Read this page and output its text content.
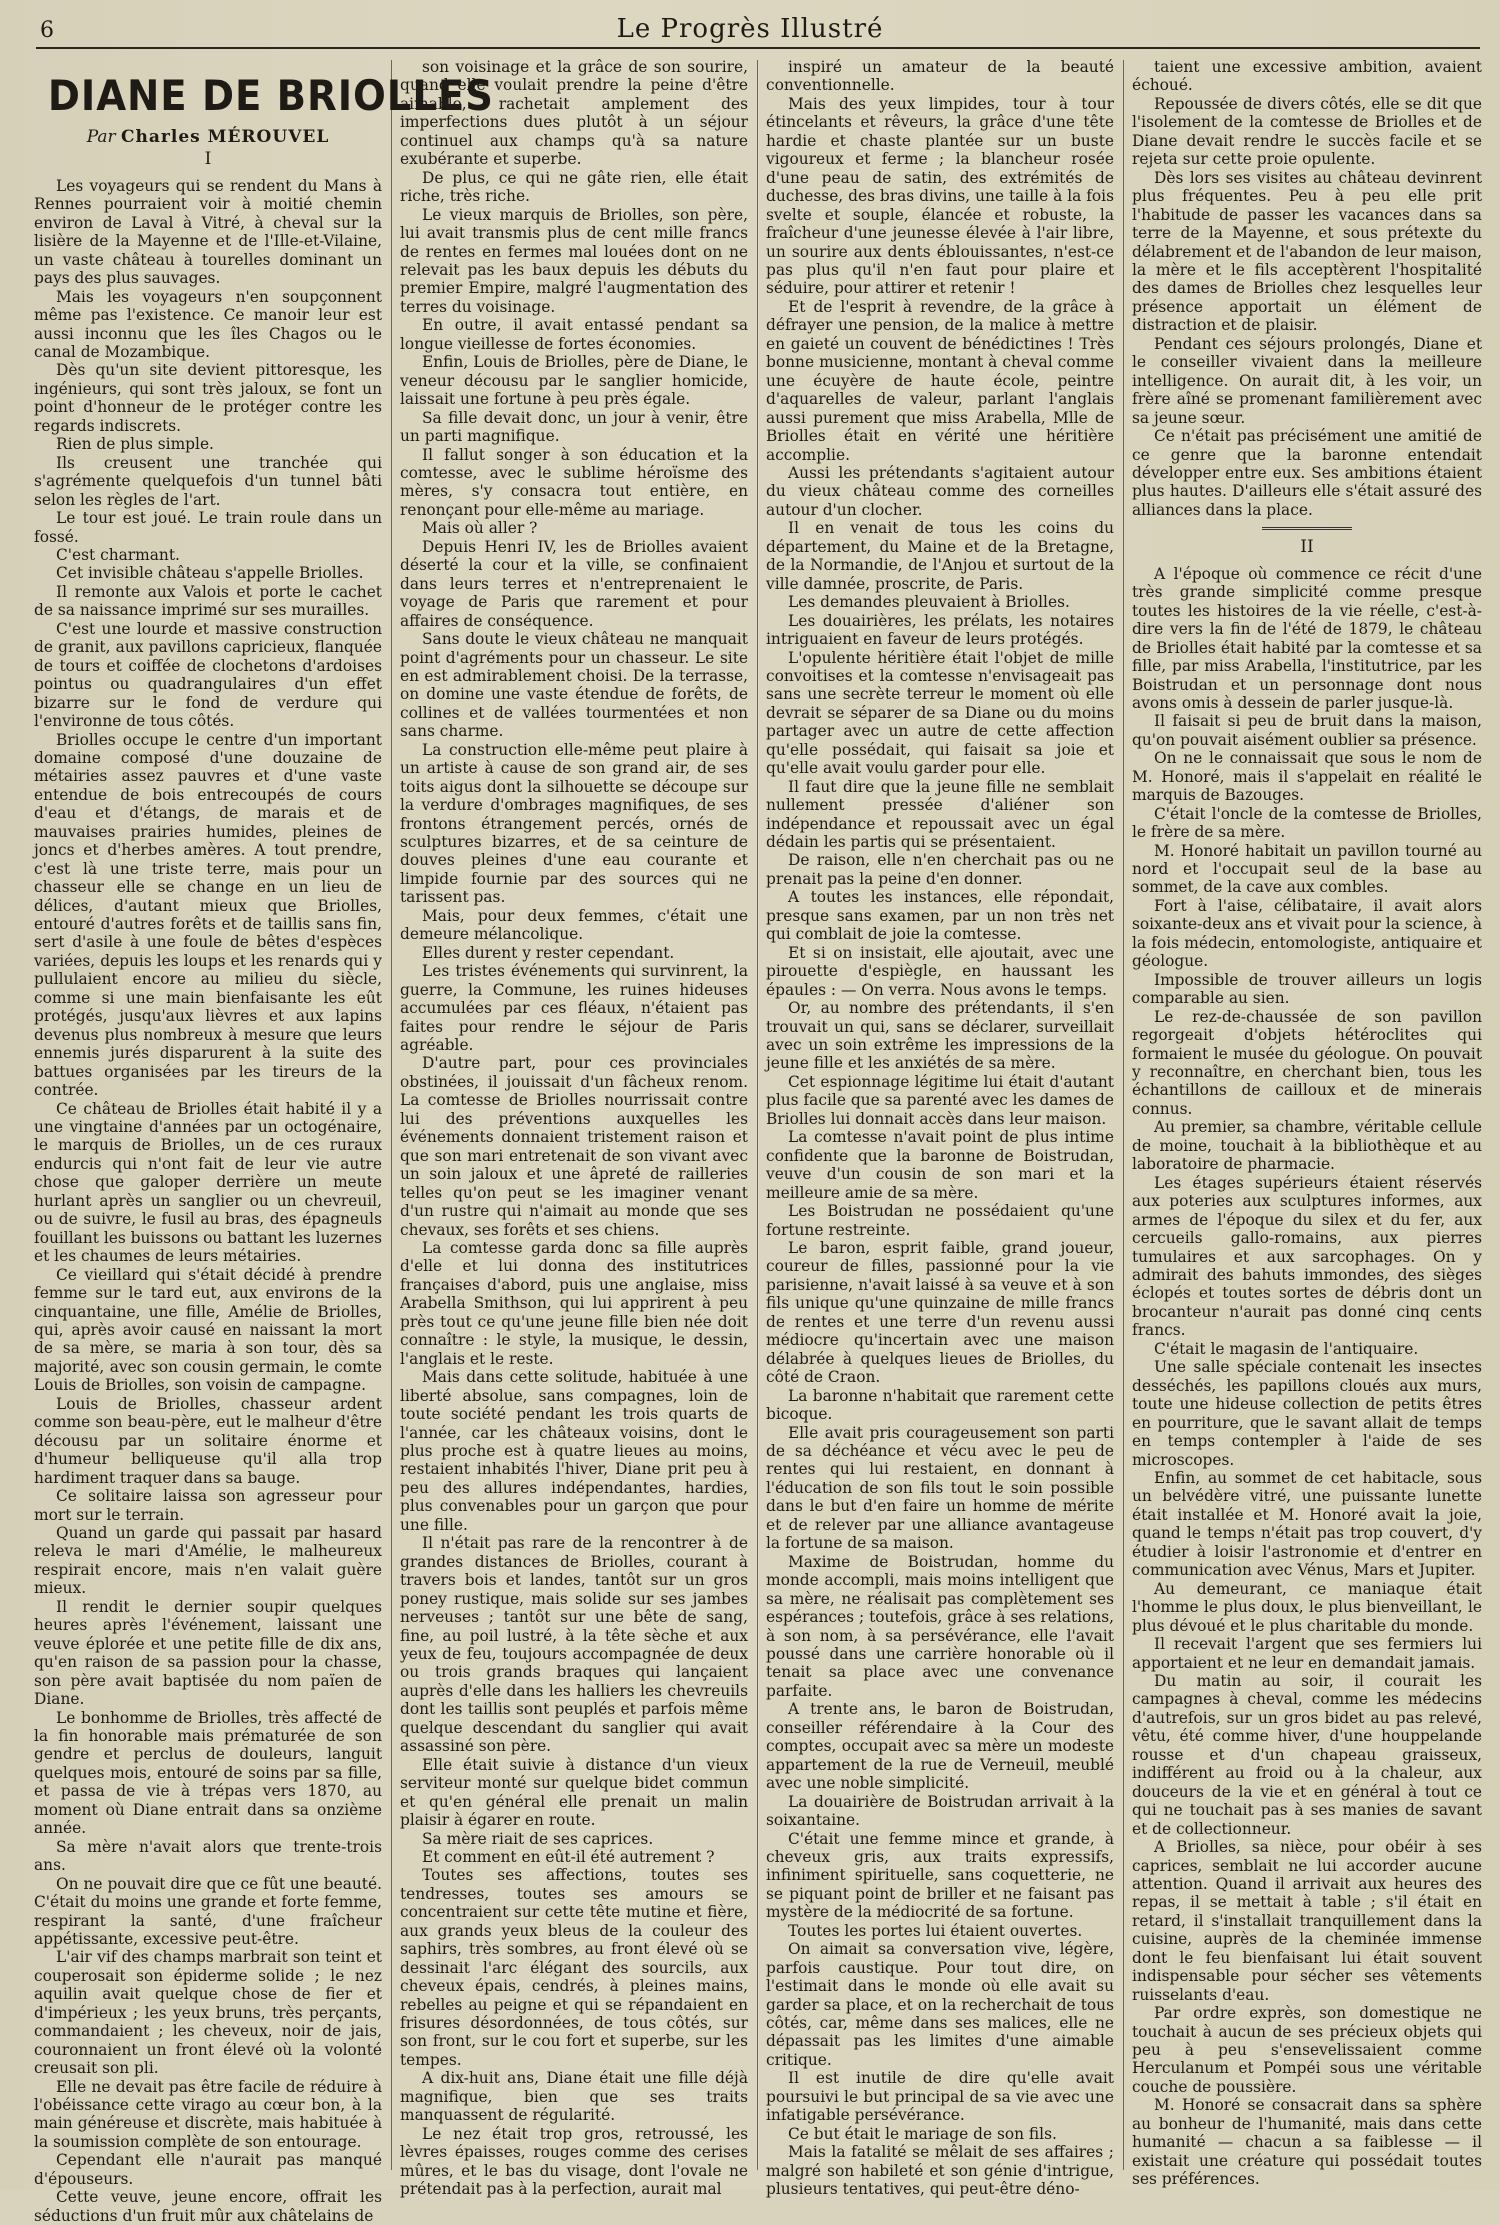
6	Le Progrès Illustré
DIANE DE BRIOLLES
Par Charles MÉROUVEL
I

Les voyageurs qui se rendent du Mans à Rennes pourraient voir à moitié chemin environ de Laval à Vitré, à cheval sur la lisière de la Mayenne et de l'Ille-et-Vilaine, un vaste château à tourelles dominant un pays des plus sauvages.

Mais les voyageurs n'en soupçonnent même pas l'existence. Ce manoir leur est aussi inconnu que les îles Chagos ou le canal de Mozambique.

Dès qu'un site devient pittoresque, les ingénieurs, qui sont très jaloux, se font un point d'honneur de le protéger contre les regards indiscrets.

Rien de plus simple.

Ils creusent une tranchée qui s'agrémente quelquefois d'un tunnel bâti selon les règles de l'art.

Le tour est joué. Le train roule dans un fossé.

C'est charmant.

Cet invisible château s'appelle Briolles.

Il remonte aux Valois et porte le cachet de sa naissance imprimé sur ses murailles.

C'est une lourde et massive construction de granit, aux pavillons capricieux, flanquée de tours et coiffée de clochetons d'ardoises pointus ou quadrangulaires d'un effet bizarre sur le fond de verdure qui l'environne de tous côtés.

Briolles occupe le centre d'un important domaine composé d'une douzaine de métairies assez pauvres et d'une vaste entendue de bois entrecoupés de cours d'eau et d'étangs, de marais et de mauvaises prairies humides, pleines de joncs et d'herbes amères. A tout prendre, c'est là une triste terre, mais pour un chasseur elle se change en un lieu de délices, d'autant mieux que Briolles, entouré d'autres forêts et de taillis sans fin, sert d'asile à une foule de bêtes d'espèces variées, depuis les loups et les renards qui y pullulaient encore au milieu du siècle, comme si une main bienfaisante les eût protégés, jusqu'aux lièvres et aux lapins devenus plus nombreux à mesure que leurs ennemis jurés disparurent à la suite des battues organisées par les tireurs de la contrée.

Ce château de Briolles était habité il y a une vingtaine d'années par un octogénaire, le marquis de Briolles, un de ces ruraux endurcis qui n'ont fait de leur vie autre chose que galoper derrière un meute hurlant après un sanglier ou un chevreuil, ou de suivre, le fusil au bras, des épagneuls fouillant les buissons ou battant les luzernes et les chaumes de leurs métairies.

Ce vieillard qui s'était décidé à prendre femme sur le tard eut, aux environs de la cinquantaine, une fille, Amélie de Briolles, qui, après avoir causé en naissant la mort de sa mère, se maria à son tour, dès sa majorité, avec son cousin germain, le comte Louis de Briolles, son voisin de campagne.

Louis de Briolles, chasseur ardent comme son beau-père, eut le malheur d'être décousu par un solitaire énorme et d'humeur belliqueuse qu'il alla trop hardiment traquer dans sa bauge.

Ce solitaire laissa son agresseur pour mort sur le terrain.

Quand un garde qui passait par hasard releva le mari d'Amélie, le malheureux respirait encore, mais n'en valait guère mieux.

Il rendit le dernier soupir quelques heures après l'événement, laissant une veuve éplorée et une petite fille de dix ans, qu'en raison de sa passion pour la chasse, son père avait baptisée du nom païen de Diane.

Le bonhomme de Briolles, très affecté de la fin honorable mais prématurée de son gendre et perclus de douleurs, languit quelques mois, entouré de soins par sa fille, et passa de vie à trépas vers 1870, au moment où Diane entrait dans sa onzième année.

Sa mère n'avait alors que trente-trois ans.

On ne pouvait dire que ce fût une beauté. C'était du moins une grande et forte femme, respirant la santé, d'une fraîcheur appétissante, excessive peut-être.

L'air vif des champs marbrait son teint et couperosait son épiderme solide ; le nez aquilin avait quelque chose de fier et d'impérieux ; les yeux bruns, très perçants, commandaient ; les cheveux, noir de jais, couronnaient un front élevé où la volonté creusait son pli.

Elle ne devait pas être facile de réduire à l'obéissance cette virago au cœur bon, à la main généreuse et discrète, mais habituée à la soumission complète de son entourage.

Cependant elle n'aurait pas manqué d'épouseurs.

Cette veuve, jeune encore, offrait les séductions d'un fruit mûr aux châtelains de

son voisinage et la grâce de son sourire, quand elle voulait prendre la peine d'être aimable, rachetait amplement des imperfections dues plutôt à un séjour continuel aux champs qu'à sa nature exubérante et superbe.

De plus, ce qui ne gâte rien, elle était riche, très riche.

Le vieux marquis de Briolles, son père, lui avait transmis plus de cent mille francs de rentes en fermes mal louées dont on ne relevait pas les baux depuis les débuts du premier Empire, malgré l'augmentation des terres du voisinage.

En outre, il avait entassé pendant sa longue vieillesse de fortes économies.

Enfin, Louis de Briolles, père de Diane, le veneur décousu par le sanglier homicide, laissait une fortune à peu près égale.

Sa fille devait donc, un jour à venir, être un parti magnifique.

Il fallut songer à son éducation et la comtesse, avec le sublime héroïsme des mères, s'y consacra tout entière, en renonçant pour elle-même au mariage.

Mais où aller ?

Depuis Henri IV, les de Briolles avaient déserté la cour et la ville, se confinaient dans leurs terres et n'entreprenaient le voyage de Paris que rarement et pour affaires de conséquence.

Sans doute le vieux château ne manquait point d'agréments pour un chasseur. Le site en est admirablement choisi. De la terrasse, on domine une vaste étendue de forêts, de collines et de vallées tourmentées et non sans charme.

La construction elle-même peut plaire à un artiste à cause de son grand air, de ses toits aigus dont la silhouette se découpe sur la verdure d'ombrages magnifiques, de ses frontons étrangement percés, ornés de sculptures bizarres, et de sa ceinture de douves pleines d'une eau courante et limpide fournie par des sources qui ne tarissent pas.

Mais, pour deux femmes, c'était une demeure mélancolique.

Elles durent y rester cependant.

Les tristes événements qui survinrent, la guerre, la Commune, les ruines hideuses accumulées par ces fléaux, n'étaient pas faites pour rendre le séjour de Paris agréable.

D'autre part, pour ces provinciales obstinées, il jouissait d'un fâcheux renom. La comtesse de Briolles nourrissait contre lui des préventions auxquelles les événements donnaient tristement raison et que son mari entretenait de son vivant avec un soin jaloux et une âpreté de railleries telles qu'on peut se les imaginer venant d'un rustre qui n'aimait au monde que ses chevaux, ses forêts et ses chiens.

La comtesse garda donc sa fille auprès d'elle et lui donna des institutrices françaises d'abord, puis une anglaise, miss Arabella Smithson, qui lui apprirent à peu près tout ce qu'une jeune fille bien née doit connaître : le style, la musique, le dessin, l'anglais et le reste.

Mais dans cette solitude, habituée à une liberté absolue, sans compagnes, loin de toute société pendant les trois quarts de l'année, car les châteaux voisins, dont le plus proche est à quatre lieues au moins, restaient inhabités l'hiver, Diane prit peu à peu des allures indépendantes, hardies, plus convenables pour un garçon que pour une fille.

Il n'était pas rare de la rencontrer à de grandes distances de Briolles, courant à travers bois et landes, tantôt sur un gros poney rustique, mais solide sur ses jambes nerveuses ; tantôt sur une bête de sang, fine, au poil lustré, à la tête sèche et aux yeux de feu, toujours accompagnée de deux ou trois grands braques qui lançaient auprès d'elle dans les halliers les chevreuils dont les taillis sont peuplés et parfois même quelque descendant du sanglier qui avait assassiné son père.

Elle était suivie à distance d'un vieux serviteur monté sur quelque bidet commun et qu'en général elle prenait un malin plaisir à égarer en route.

Sa mère riait de ses caprices.

Et comment en eût-il été autrement ?

Toutes ses affections, toutes ses tendresses, toutes ses amours se concentraient sur cette tête mutine et fière, aux grands yeux bleus de la couleur des saphirs, très sombres, au front élevé où se dessinait l'arc élégant des sourcils, aux cheveux épais, cendrés, à pleines mains, rebelles au peigne et qui se répandaient en frisures désordonnées, de tous côtés, sur son front, sur le cou fort et superbe, sur les tempes.

A dix-huit ans, Diane était une fille déjà magnifique, bien que ses traits manquassent de régularité.

Le nez était trop gros, retroussé, les lèvres épaisses, rouges comme des cerises mûres, et le bas du visage, dont l'ovale ne prétendait pas à la perfection, aurait mal

inspiré un amateur de la beauté conventionnelle.

Mais des yeux limpides, tour à tour étincelants et rêveurs, la grâce d'une tête hardie et chaste plantée sur un buste vigoureux et ferme ; la blancheur rosée d'une peau de satin, des extrémités de duchesse, des bras divins, une taille à la fois svelte et souple, élancée et robuste, la fraîcheur d'une jeunesse élevée à l'air libre, un sourire aux dents éblouissantes, n'est-ce pas plus qu'il n'en faut pour plaire et séduire, pour attirer et retenir !

Et de l'esprit à revendre, de la grâce à défrayer une pension, de la malice à mettre en gaieté un couvent de bénédictines ! Très bonne musicienne, montant à cheval comme une écuyère de haute école, peintre d'aquarelles de valeur, parlant l'anglais aussi purement que miss Arabella, Mlle de Briolles était en vérité une héritière accomplie.

Aussi les prétendants s'agitaient autour du vieux château comme des corneilles autour d'un clocher.

Il en venait de tous les coins du département, du Maine et de la Bretagne, de la Normandie, de l'Anjou et surtout de la ville damnée, proscrite, de Paris.

Les demandes pleuvaient à Briolles.

Les douairières, les prélats, les notaires intriguaient en faveur de leurs protégés.

L'opulente héritière était l'objet de mille convoitises et la comtesse n'envisageait pas sans une secrète terreur le moment où elle devrait se séparer de sa Diane ou du moins partager avec un autre de cette affection qu'elle possédait, qui faisait sa joie et qu'elle avait voulu garder pour elle.

Il faut dire que la jeune fille ne semblait nullement pressée d'aliéner son indépendance et repoussait avec un égal dédain les partis qui se présentaient.

De raison, elle n'en cherchait pas ou ne prenait pas la peine d'en donner.

A toutes les instances, elle répondait, presque sans examen, par un non très net qui comblait de joie la comtesse.

Et si on insistait, elle ajoutait, avec une pirouette d'espiègle, en haussant les épaules : — On verra. Nous avons le temps.

Or, au nombre des prétendants, il s'en trouvait un qui, sans se déclarer, surveillait avec un soin extrême les impressions de la jeune fille et les anxiétés de sa mère.

Cet espionnage légitime lui était d'autant plus facile que sa parenté avec les dames de Briolles lui donnait accès dans leur maison.

La comtesse n'avait point de plus intime confidente que la baronne de Boistrudan, veuve d'un cousin de son mari et la meilleure amie de sa mère.

Les Boistrudan ne possédaient qu'une fortune restreinte.

Le baron, esprit faible, grand joueur, coureur de filles, passionné pour la vie parisienne, n'avait laissé à sa veuve et à son fils unique qu'une quinzaine de mille francs de rentes et une terre d'un revenu aussi médiocre qu'incertain avec une maison délabrée à quelques lieues de Briolles, du côté de Craon.

La baronne n'habitait que rarement cette bicoque.

Elle avait pris courageusement son parti de sa déchéance et vécu avec le peu de rentes qui lui restaient, en donnant à l'éducation de son fils tout le soin possible dans le but d'en faire un homme de mérite et de relever par une alliance avantageuse la fortune de sa maison.

Maxime de Boistrudan, homme du monde accompli, mais moins intelligent que sa mère, ne réalisait pas complètement ses espérances ; toutefois, grâce à ses relations, à son nom, à sa persévérance, elle l'avait poussé dans une carrière honorable où il tenait sa place avec une convenance parfaite.

A trente ans, le baron de Boistrudan, conseiller référendaire à la Cour des comptes, occupait avec sa mère un modeste appartement de la rue de Verneuil, meublé avec une noble simplicité.

La douairière de Boistrudan arrivait à la soixantaine.

C'était une femme mince et grande, à cheveux gris, aux traits expressifs, infiniment spirituelle, sans coquetterie, ne se piquant point de briller et ne faisant pas mystère de la médiocrité de sa fortune.

Toutes les portes lui étaient ouvertes.

On aimait sa conversation vive, légère, parfois caustique. Pour tout dire, on l'estimait dans le monde où elle avait su garder sa place, et on la recherchait de tous côtés, car, même dans ses malices, elle ne dépassait pas les limites d'une aimable critique.

Il est inutile de dire qu'elle avait poursuivi le but principal de sa vie avec une infatigable persévérance.

Ce but était le mariage de son fils.

Mais la fatalité se mêlait de ses affaires ; malgré son habileté et son génie d'intrigue, plusieurs tentatives, qui peut-être déno-

taient une excessive ambition, avaient échoué.

Repoussée de divers côtés, elle se dit que l'isolement de la comtesse de Briolles et de Diane devait rendre le succès facile et se rejeta sur cette proie opulente.

Dès lors ses visites au château devinrent plus fréquentes. Peu à peu elle prit l'habitude de passer les vacances dans sa terre de la Mayenne, et sous prétexte du délabrement et de l'abandon de leur maison, la mère et le fils acceptèrent l'hospitalité des dames de Briolles chez lesquelles leur présence apportait un élément de distraction et de plaisir.

Pendant ces séjours prolongés, Diane et le conseiller vivaient dans la meilleure intelligence. On aurait dit, à les voir, un frère aîné se promenant familièrement avec sa jeune sœur.

Ce n'était pas précisément une amitié de ce genre que la baronne entendait développer entre eux. Ses ambitions étaient plus hautes. D'ailleurs elle s'était assuré des alliances dans la place.

II

A l'époque où commence ce récit d'une très grande simplicité comme presque toutes les histoires de la vie réelle, c'est-à-dire vers la fin de l'été de 1879, le château de Briolles était habité par la comtesse et sa fille, par miss Arabella, l'institutrice, par les Boistrudan et un personnage dont nous avons omis à dessein de parler jusque-là.

Il faisait si peu de bruit dans la maison, qu'on pouvait aisément oublier sa présence.

On ne le connaissait que sous le nom de M. Honoré, mais il s'appelait en réalité le marquis de Bazouges.

C'était l'oncle de la comtesse de Briolles, le frère de sa mère.

M. Honoré habitait un pavillon tourné au nord et l'occupait seul de la base au sommet, de la cave aux combles.

Fort à l'aise, célibataire, il avait alors soixante-deux ans et vivait pour la science, à la fois médecin, entomologiste, antiquaire et géologue.

Impossible de trouver ailleurs un logis comparable au sien.

Le rez-de-chaussée de son pavillon regorgeait d'objets hétéroclites qui formaient le musée du géologue. On pouvait y reconnaître, en cherchant bien, tous les échantillons de cailloux et de minerais connus.

Au premier, sa chambre, véritable cellule de moine, touchait à la bibliothèque et au laboratoire de pharmacie.

Les étages supérieurs étaient réservés aux poteries aux sculptures informes, aux armes de l'époque du silex et du fer, aux cercueils gallo-romains, aux pierres tumulaires et aux sarcophages. On y admirait des bahuts immondes, des sièges éclopés et toutes sortes de débris dont un brocanteur n'aurait pas donné cinq cents francs.

C'était le magasin de l'antiquaire.

Une salle spéciale contenait les insectes desséchés, les papillons cloués aux murs, toute une hideuse collection de petits êtres en pourriture, que le savant allait de temps en temps contempler à l'aide de ses microscopes.

Enfin, au sommet de cet habitacle, sous un belvédère vitré, une puissante lunette était installée et M. Honoré avait la joie, quand le temps n'était pas trop couvert, d'y étudier à loisir l'astronomie et d'entrer en communication avec Vénus, Mars et Jupiter.

Au demeurant, ce maniaque était l'homme le plus doux, le plus bienveillant, le plus dévoué et le plus charitable du monde.

Il recevait l'argent que ses fermiers lui apportaient et ne leur en demandait jamais.

Du matin au soir, il courait les campagnes à cheval, comme les médecins d'autrefois, sur un gros bidet au pas relevé, vêtu, été comme hiver, d'une houppelande rousse et d'un chapeau graisseux, indifférent au froid ou à la chaleur, aux douceurs de la vie et en général à tout ce qui ne touchait pas à ses manies de savant et de collectionneur.

A Briolles, sa nièce, pour obéir à ses caprices, semblait ne lui accorder aucune attention. Quand il arrivait aux heures des repas, il se mettait à table ; s'il était en retard, il s'installait tranquillement dans la cuisine, auprès de la cheminée immense dont le feu bienfaisant lui était souvent indispensable pour sécher ses vêtements ruisselants d'eau.

Par ordre exprès, son domestique ne touchait à aucun de ses précieux objets qui peu à peu s'ensevelissaient comme Herculanum et Pompéi sous une véritable couche de poussière.

M. Honoré se consacrait dans sa sphère au bonheur de l'humanité, mais dans cette humanité — chacun a sa faiblesse — il existait une créature qui possédait toutes ses préférences.
